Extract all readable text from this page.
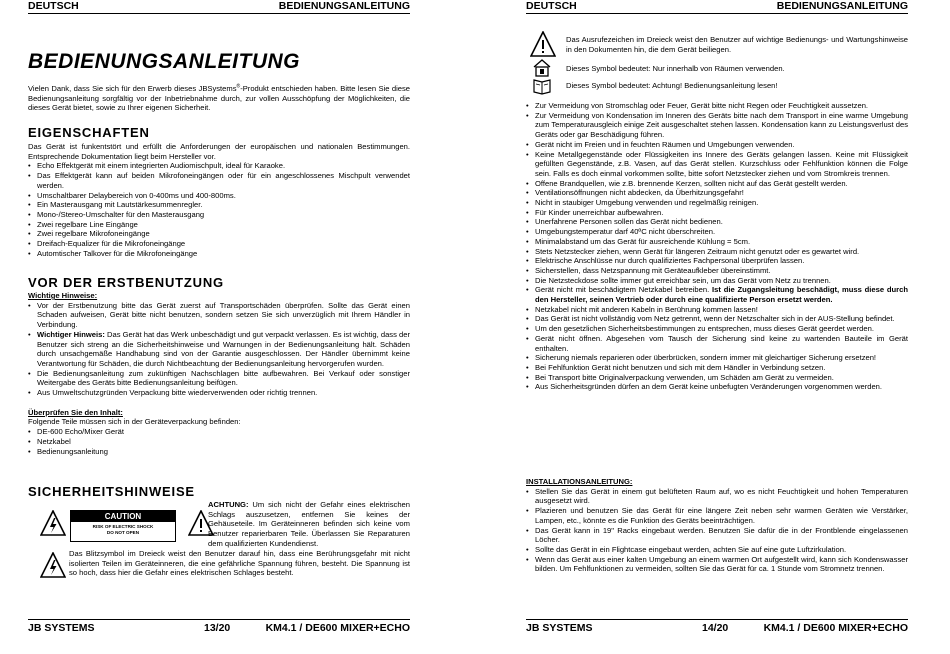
DEUTSCH	BEDIENUNGSANLEITUNG
BEDIENUNGSANLEITUNG

Vielen Dank, dass Sie sich für den Erwerb dieses JBSystems®-Produkt entschieden haben. Bitte lesen Sie diese Bedienungsanleitung sorgfältig vor der Inbetriebnahme durch, zur vollen Ausschöpfung der Möglichkeiten, die dieses Gerät bietet, sowie zu Ihrer eigenen Sicherheit.

EIGENSCHAFTEN

Das Gerät ist funkentstört und erfüllt die Anforderungen der europäischen und nationalen Bestimmungen. Entsprechende Dokumentation liegt beim Hersteller vor.

• Echo Effektgerät mit einem integrierten Audiomischpult, ideal für Karaoke.
• Das Effektgerät kann auf beiden Mikrofoneingängen oder für ein angeschlossenes Mischpult verwendet werden.
• Umschaltbarer Delaybereich von 0-400ms und 400-800ms.
• Ein Masterausgang mit Lautstärkesummenregler.
• Mono-/Stereo-Umschalter für den Masterausgang
• Zwei regelbare Line Eingänge
• Zwei regelbare Mikrofoneingänge
• Dreifach-Equalizer für die Mikrofoneingänge
• Automtischer Talkover für die Mikrofoneingänge
VOR DER ERSTBENUTZUNG

Wichtige Hinweise:

• Vor der Erstbenutzung bitte das Gerät zuerst auf Transportschäden überprüfen. Sollte das Gerät einen Schaden aufweisen, Gerät bitte nicht benutzen, sondern setzen Sie sich unverzüglich mit Ihrem Händler in Verbindung.
• Wichtiger Hinweis: Das Gerät hat das Werk unbeschädigt und gut verpackt verlassen. Es ist wichtig, dass der Benutzer sich streng an die Sicherheitshinweise und Warnungen in der Bedienungsanleitung hält. Schäden durch unsachgemäße Handhabung sind von der Garantie ausgeschlossen. Der Händler übernimmt keine Verantwortung für Schäden, die durch Nichtbeachtung der Bedienungsanleitung hervorgerufen wurden.
• Die Bedienungsanleitung zum zukünftigen Nachschlagen bitte aufbewahren. Bei Verkauf oder sonstiger Weitergabe des Geräts bitte Bedienungsanleitung beifügen.
• Aus Umweltschutzgründen Verpackung bitte wiederverwenden oder richtig trennen.

Überprüfen Sie den Inhalt:

Folgende Teile müssen sich in der Geräteverpackung befinden:

• DE-600 Echo/Mixer Gerät
• Netzkabel
• Bedienungsanleitung
SICHERHEITSHINWEISE
CAUTION
RISK OF ELECTRIC SHOCK
DO NOT OPEN

ACHTUNG: Um sich nicht der Gefahr eines elektrischen Schlags auszusetzen, entfernen Sie keines der Gehäuseteile. Im Geräteinneren befinden sich keine vom Benutzer reparierbaren Teile. Überlassen Sie Reparaturen dem qualifizierten Kundendienst.

Das Blitzsymbol im Dreieck weist den Benutzer darauf hin, dass eine Berührungsgefahr mit nicht isolierten Teilen im Geräteinneren, die eine gefährliche Spannung führen, besteht. Die Spannung ist so hoch, dass hier die Gefahr eines elektrischen Schlages besteht.

JB SYSTEMS	13/20	KM4.1 / DE600 MIXER+ECHO
DEUTSCH	BEDIENUNGSANLEITUNG

Das Ausrufezeichen im Dreieck weist den Benutzer auf wichtige Bedienungs- und Wartungshinweise in den Dokumenten hin, die dem Gerät beiliegen.

Dieses Symbol bedeutet: Nur innerhalb von Räumen verwenden.

Dieses Symbol bedeutet: Achtung! Bedienungsanleitung lesen!

• Zur Vermeidung von Stromschlag oder Feuer, Gerät bitte nicht Regen oder Feuchtigkeit aussetzen.
• Zur Vermeidung von Kondensation im Inneren des Geräts bitte nach dem Transport in eine warme Umgebung zum Temperaturausgleich einige Zeit ausgeschaltet stehen lassen. Kondensation kann zu Leistungsverlust des Geräts oder gar Beschädigung führen.
• Gerät nicht im Freien und in feuchten Räumen und Umgebungen verwenden.
• Keine Metallgegenstände oder Flüssigkeiten ins Innere des Geräts gelangen lassen. Keine mit Flüssigkeit gefüllten Gegenstände, z.B. Vasen, auf das Gerät stellen. Kurzschluss oder Fehlfunktion können die Folge sein. Falls es doch einmal vorkommen sollte, bitte sofort Netzstecker ziehen und vom Stromkreis trennen.
• Offene Brandquellen, wie z.B. brennende Kerzen, sollten nicht auf das Gerät gestellt werden.
• Ventilationsöffnungen nicht abdecken, da Überhitzungsgefahr!
• Nicht in staubiger Umgebung verwenden und regelmäßig reinigen.
• Für Kinder unerreichbar aufbewahren.
• Unerfahrene Personen sollen das Gerät nicht bedienen.
• Umgebungstemperatur darf 40ºC nicht überschreiten.
• Minimalabstand um das Gerät für ausreichende Kühlung = 5cm.
• Stets Netzstecker ziehen, wenn Gerät für längeren Zeitraum nicht genutzt oder es gewartet wird.
• Elektrische Anschlüsse nur durch qualifiziertes Fachpersonal überprüfen lassen.
• Sicherstellen, dass Netzspannung mit Geräteaufkleber übereinstimmt.
• Die Netzsteckdose sollte immer gut erreichbar sein, um das Gerät vom Netz zu trennen.
• Gerät nicht mit beschädigtem Netzkabel betreiben. Ist die Zugangsleitung beschädigt, muss diese durch den Hersteller, seinen Vertrieb oder durch eine qualifizierte Person ersetzt werden.
• Netzkabel nicht mit anderen Kabeln in Berührung kommen lassen!
• Das Gerät ist nicht vollständig vom Netz getrennt, wenn der Netzschalter sich in der AUS-Stellung befindet.
• Um den gesetzlichen Sicherheitsbestimmungen zu entsprechen, muss dieses Gerät geerdet werden.
• Gerät nicht öffnen. Abgesehen vom Tausch der Sicherung sind keine zu wartenden Bauteile im Gerät enthalten.
• Sicherung niemals reparieren oder überbrücken, sondern immer mit gleichartiger Sicherung ersetzen!
• Bei Fehlfunktion Gerät nicht benutzen und sich mit dem Händler in Verbindung setzen.
• Bei Transport bitte Originalverpackung verwenden, um Schäden am Gerät zu vermeiden.
• Aus Sicherheitsgründen dürfen an dem Gerät keine unbefugten Veränderungen vorgenommen werden.

INSTALLATIONSANLEITUNG:

• Stellen Sie das Gerät in einem gut belüfteten Raum auf, wo es nicht Feuchtigkeit und hohen Temperaturen ausgesetzt wird.
• Plazieren und benutzen Sie das Gerät für eine längere Zeit neben sehr warmen Geräten wie Verstärker, Lampen, etc., könnte es die Funktion des Geräts beeinträchtigen.
• Das Gerät kann in 19" Racks eingebaut werden. Benutzen Sie dafür die in der Frontblende eingelassenen Löcher.
• Sollte das Gerät in ein Flightcase eingebaut werden, achten Sie auf eine gute Luftzirkulation.
• Wenn das Gerät aus einer kalten Umgebung an einem warmen Ort aufgestellt wird, kann sich Kondenswasser bilden. Um Fehlfunktionen zu vermeiden, sollten Sie das Gerät für ca. 1 Stunde vom Stromnetz trennen.
JB SYSTEMS	14/20	KM4.1 / DE600 MIXER+ECHO
